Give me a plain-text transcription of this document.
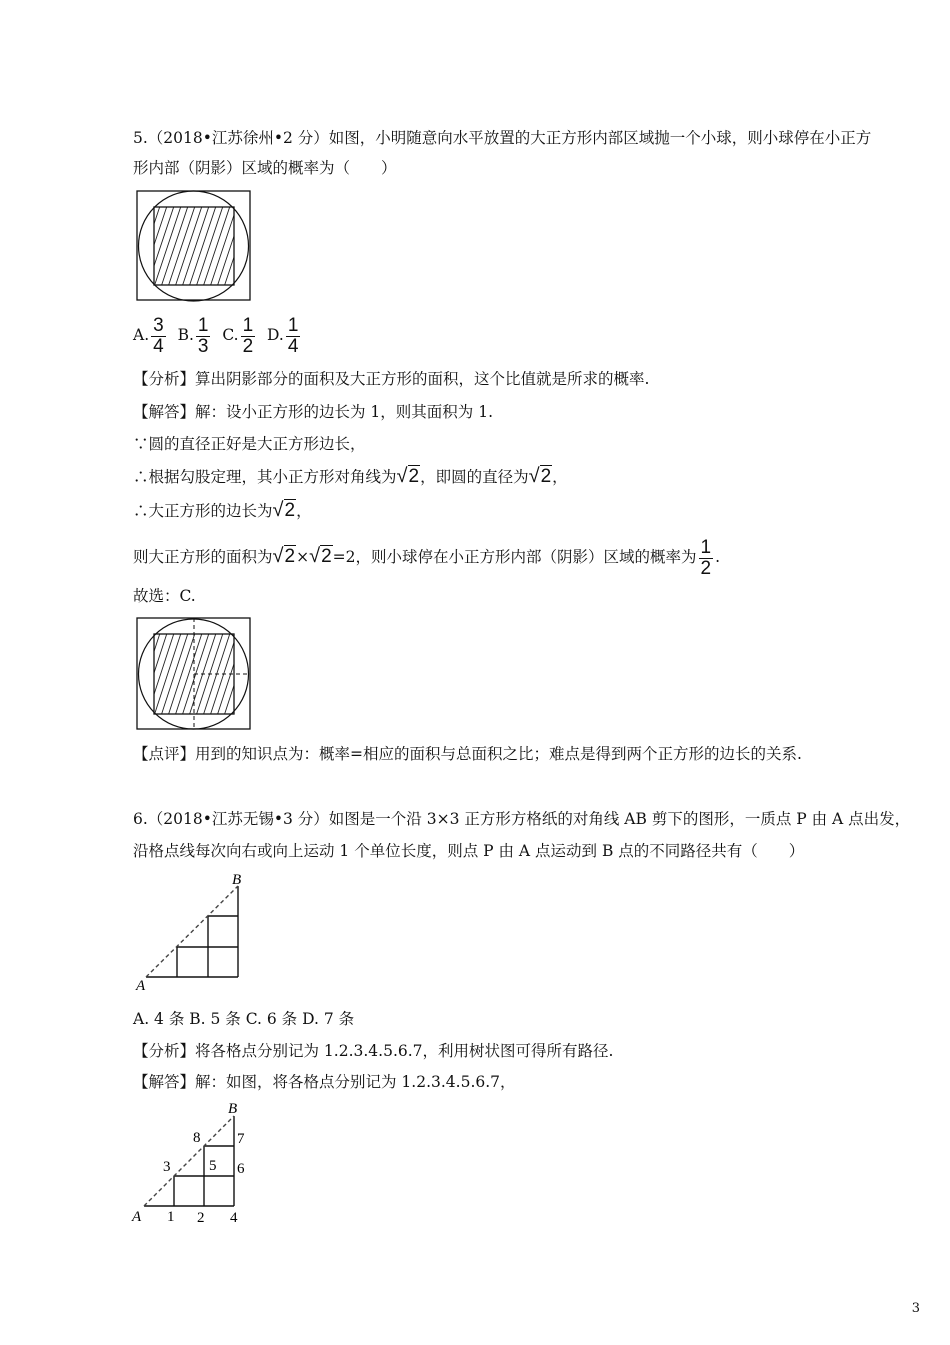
5.（2018•江苏徐州•2 分）如图，小明随意向水平放置的大正方形内部区域抛一个小球，则小球停在小正方
形内部（阴影）区域的概率为（　　）
A. $\frac{3}{4} B$. $\frac{1}{3} C$. $\frac{1}{2} D$. $\frac{1}{4}$
【分析】算出阴影部分的面积及大正方形的面积，这个比值就是所求的概率.
【解答】解：设小正方形的边长为 1，则其面积为 1.
∵圆的直径正好是大正方形边长，
∴根据勾股定理，其小正方形对角线为√2，即圆的直径为√2，
∴大正方形的边长为√2，
则大正方形的面积为√2×√2=2，则小球停在小正方形内部（阴影）区域的概率为 $\frac{1}{2}$ .
故选：C.
【点评】用到的知识点为：概率=相应的面积与总面积之比；难点是得到两个正方形的边长的关系.
6.（2018•江苏无锡•3 分）如图是一个沿 3×3 正方形方格纸的对角线 AB 剪下的图形，一质点 P 由 A 点出发，
沿格点线每次向右或向上运动 1 个单位长度，则点 P 由 A 点运动到 B 点的不同路径共有（　　）
A
B
A. 4 条 B. 5 条 C. 6 条 D. 7 条
【分析】将各格点分别记为 1.2.3.4.5.6.7，利用树状图可得所有路径.
【解答】解：如图，将各格点分别记为 1.2.3.4.5.6.7，
A
B
1 2 4
3	5 6
8 7
3
